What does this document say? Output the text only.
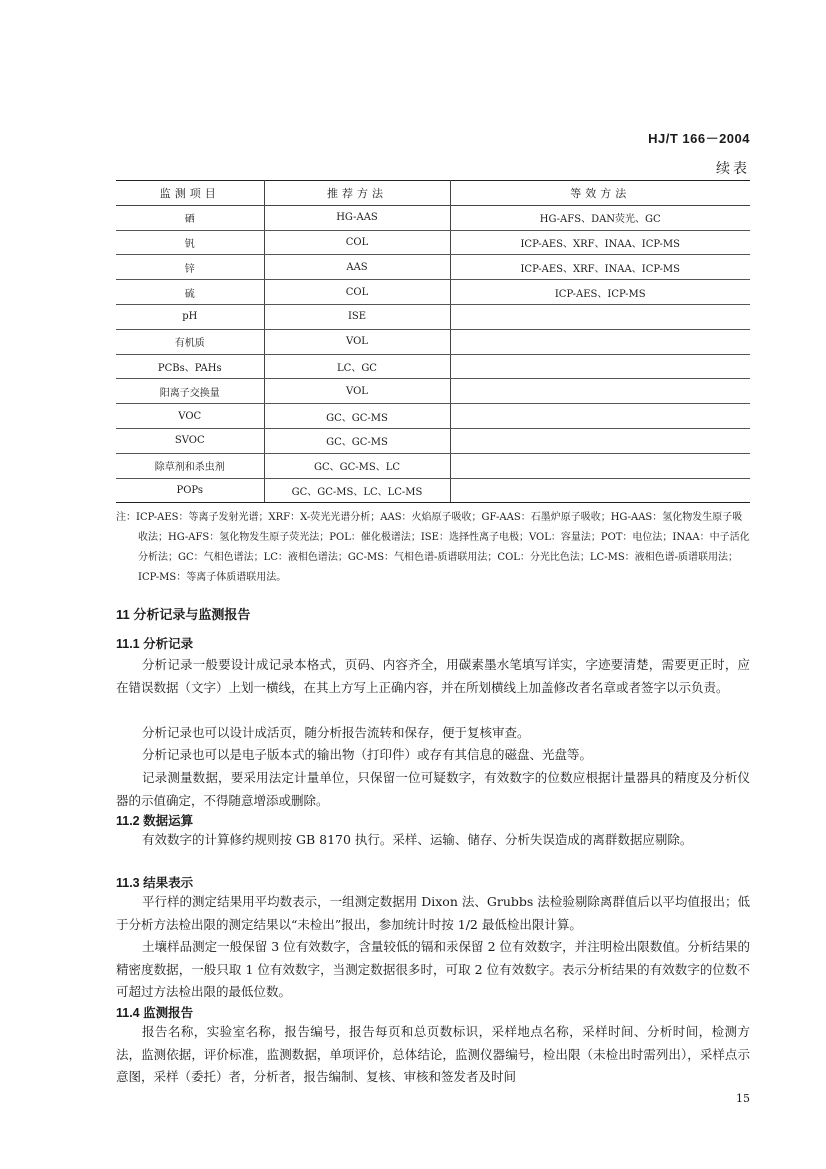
HJ/T 166－2004
续表
监测项目	推荐方法	等效方法
硒	HG-AAS	HG-AFS、DAN荧光、GC
钒	COL	ICP-AES、XRF、INAA、ICP-MS
锌	AAS	ICP-AES、XRF、INAA、ICP-MS
硫	COL	ICP-AES、ICP-MS
pH	ISE	
有机质	VOL	
PCBs、PAHs	LC、GC	
阳离子交换量	VOL	
VOC	GC、GC-MS	
SVOC	GC、GC-MS	
除草剂和杀虫剂	GC、GC-MS、LC	
POPs	GC、GC-MS、LC、LC-MS	
注：ICP-AES：等离子发射光谱；XRF：X-荧光光谱分析；AAS：火焰原子吸收；GF-AAS：石墨炉原子吸收；HG-AAS：氢化物发生原子吸收法；HG-AFS：氢化物发生原子荧光法；POL：催化极谱法；ISE：选择性离子电极；VOL：容量法；POT：电位法；INAA：中子活化分析法；GC：气相色谱法；LC：液相色谱法；GC-MS：气相色谱-质谱联用法；COL：分光比色法；LC-MS：液相色谱-质谱联用法；ICP-MS：等离子体质谱联用法。
11 分析记录与监测报告
11.1 分析记录
分析记录一般要设计成记录本格式，页码、内容齐全，用碳素墨水笔填写详实，字迹要清楚，需要更正时，应在错误数据（文字）上划一横线，在其上方写上正确内容，并在所划横线上加盖修改者名章或者签字以示负责。
分析记录也可以设计成活页，随分析报告流转和保存，便于复核审查。
分析记录也可以是电子版本式的输出物（打印件）或存有其信息的磁盘、光盘等。
记录测量数据，要采用法定计量单位，只保留一位可疑数字，有效数字的位数应根据计量器具的精度及分析仪器的示值确定，不得随意增添或删除。
11.2 数据运算
有效数字的计算修约规则按 GB 8170 执行。采样、运输、储存、分析失误造成的离群数据应剔除。
11.3 结果表示
平行样的测定结果用平均数表示，一组测定数据用 Dixon 法、Grubbs 法检验剔除离群值后以平均值报出；低于分析方法检出限的测定结果以“未检出”报出，参加统计时按 1/2 最低检出限计算。
土壤样品测定一般保留 3 位有效数字，含量较低的镉和汞保留 2 位有效数字，并注明检出限数值。分析结果的精密度数据，一般只取 1 位有效数字，当测定数据很多时，可取 2 位有效数字。表示分析结果的有效数字的位数不可超过方法检出限的最低位数。
11.4 监测报告
报告名称，实验室名称，报告编号，报告每页和总页数标识，采样地点名称，采样时间、分析时间，检测方法，监测依据，评价标准，监测数据，单项评价，总体结论，监测仪器编号，检出限（未检出时需列出），采样点示意图，采样（委托）者，分析者，报告编制、复核、审核和签发者及时间
15
